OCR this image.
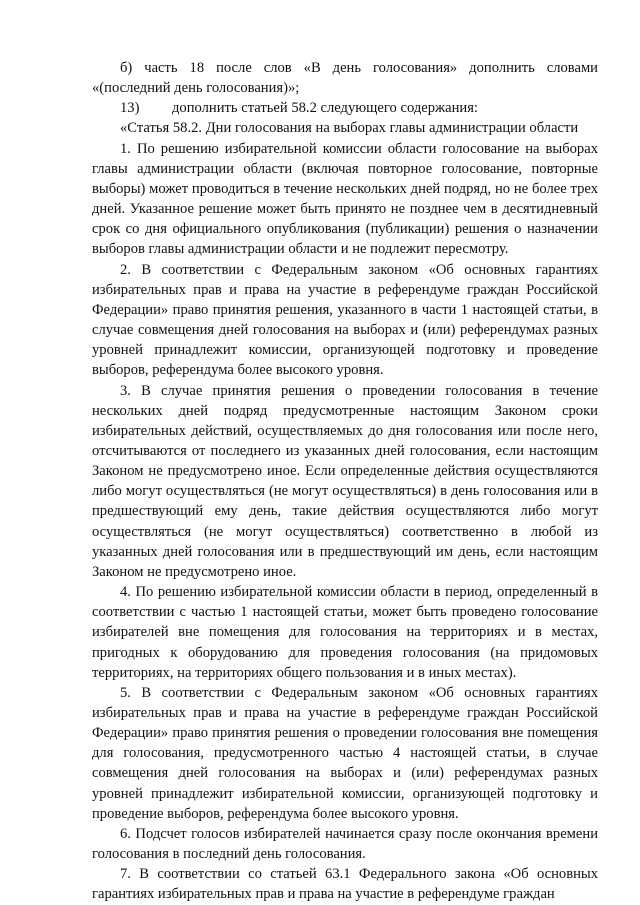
б) часть 18 после слов «В день голосования» дополнить словами «(последний день голосования)»;

13) дополнить статьей 58.2 следующего содержания:

«Статья 58.2. Дни голосования на выборах главы администрации области

1. По решению избирательной комиссии области голосование на выборах главы администрации области (включая повторное голосование, повторные выборы) может проводиться в течение нескольких дней подряд, но не более трех дней. Указанное решение может быть принято не позднее чем в десятидневный срок со дня официального опубликования (публикации) решения о назначении выборов главы администрации области и не подлежит пересмотру.

2. В соответствии с Федеральным законом «Об основных гарантиях избирательных прав и права на участие в референдуме граждан Российской Федерации» право принятия решения, указанного в части 1 настоящей статьи, в случае совмещения дней голосования на выборах и (или) референдумах разных уровней принадлежит комиссии, организующей подготовку и проведение выборов, референдума более высокого уровня.

3. В случае принятия решения о проведении голосования в течение нескольких дней подряд предусмотренные настоящим Законом сроки избирательных действий, осуществляемых до дня голосования или после него, отсчитываются от последнего из указанных дней голосования, если настоящим Законом не предусмотрено иное. Если определенные действия осуществляются либо могут осуществляться (не могут осуществляться) в день голосования или в предшествующий ему день, такие действия осуществляются либо могут осуществляться (не могут осуществляться) соответственно в любой из указанных дней голосования или в предшествующий им день, если настоящим Законом не предусмотрено иное.

4. По решению избирательной комиссии области в период, определенный в соответствии с частью 1 настоящей статьи, может быть проведено голосование избирателей вне помещения для голосования на территориях и в местах, пригодных к оборудованию для проведения голосования (на придомовых территориях, на территориях общего пользования и в иных местах).

5. В соответствии с Федеральным законом «Об основных гарантиях избирательных прав и права на участие в референдуме граждан Российской Федерации» право принятия решения о проведении голосования вне помещения для голосования, предусмотренного частью 4 настоящей статьи, в случае совмещения дней голосования на выборах и (или) референдумах разных уровней принадлежит избирательной комиссии, организующей подготовку и проведение выборов, референдума более высокого уровня.

6. Подсчет голосов избирателей начинается сразу после окончания времени голосования в последний день голосования.

7. В соответствии со статьей 63.1 Федерального закона «Об основных гарантиях избирательных прав и права на участие в референдуме граждан
